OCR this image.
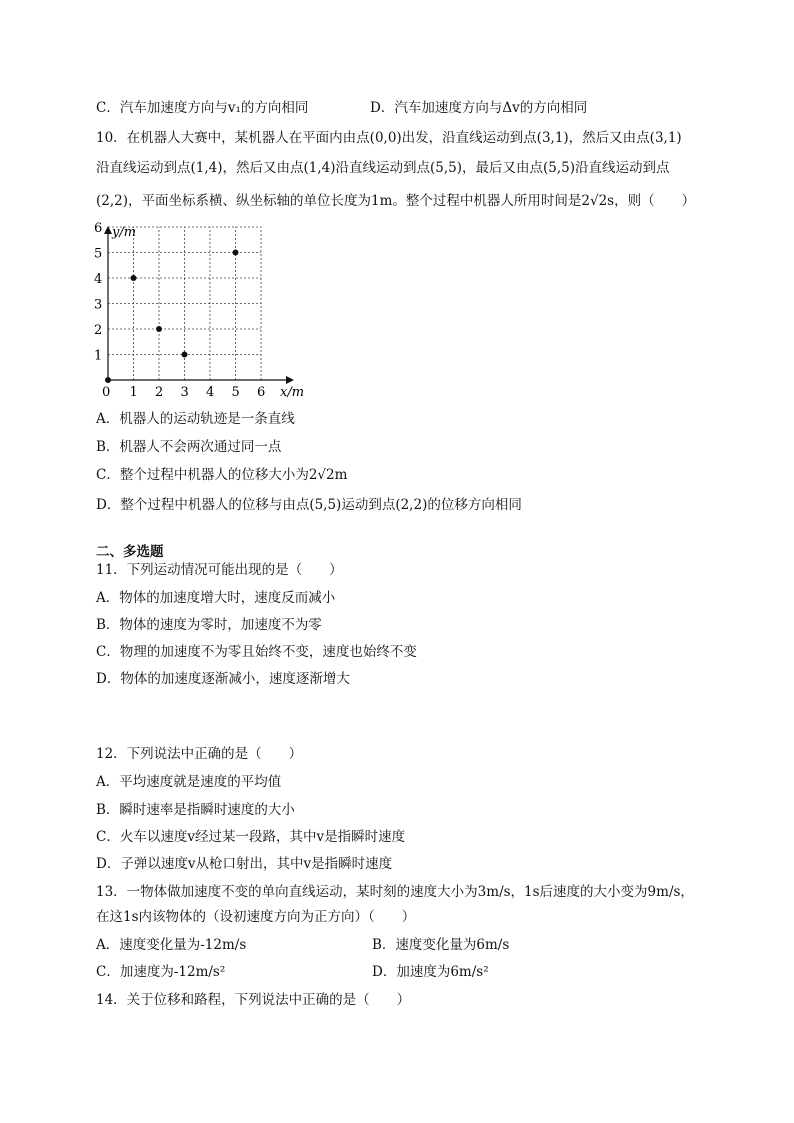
C．汽车加速度方向与v₁的方向相同	D．汽车加速度方向与Δv的方向相同
10．在机器人大赛中，某机器人在平面内由点(0,0)出发，沿直线运动到点(3,1)，然后又由点(3,1)
沿直线运动到点(1,4)，然后又由点(1,4)沿直线运动到点(5,5)，最后又由点(5,5)沿直线运动到点
(2,2)，平面坐标系横、纵坐标轴的单位长度为1m。整个过程中机器人所用时间是2√2s，则（　　）
1 2 3 4 5 6
1
2
3
4
5
6 y/m
x/m
0
A．机器人的运动轨迹是一条直线
B．机器人不会两次通过同一点
C．整个过程中机器人的位移大小为2√2m
D．整个过程中机器人的位移与由点(5,5)运动到点(2,2)的位移方向相同
二、多选题
11．下列运动情况可能出现的是（　　）
A．物体的加速度增大时，速度反而减小
B．物体的速度为零时，加速度不为零
C．物理的加速度不为零且始终不变，速度也始终不变
D．物体的加速度逐渐减小，速度逐渐增大
12．下列说法中正确的是（　　）
A．平均速度就是速度的平均值
B．瞬时速率是指瞬时速度的大小
C．火车以速度v经过某一段路，其中v是指瞬时速度
D．子弹以速度v从枪口射出，其中v是指瞬时速度
13．一物体做加速度不变的单向直线运动，某时刻的速度大小为3m/s，1s后速度的大小变为9m/s，
在这1s内该物体的（设初速度方向为正方向）（　　）
A．速度变化量为-12m/s	B．速度变化量为6m/s
C．加速度为-12m/s²	D．加速度为6m/s²
14．关于位移和路程，下列说法中正确的是（　　）
